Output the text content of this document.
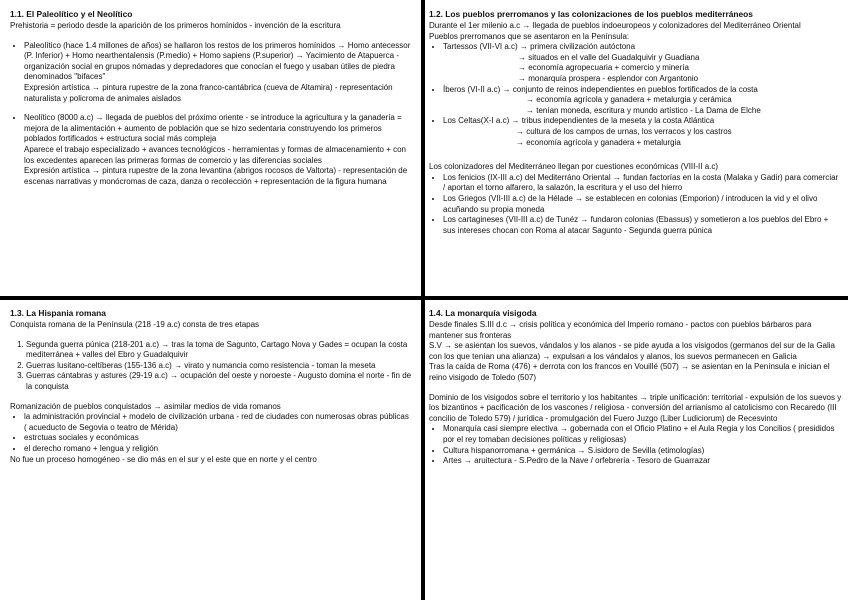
1.1. El Paleolítico y el Neolítico

Prehistoria = periodo desde la aparición de los primeros homínidos - invención de la escritura

• Paleolítico (hace 1.4 millones de años) se hallaron los restos de los primeros homínidos → Homo antecessor (P. Inferior) + Homo nearthentalensis (P.medio) + Homo sapiens (P.superior) → Yacimiento de Atapuerca - organización social en grupos nómadas y depredadores que conocían el fuego y usaban útiles de piedra denominados "bifaces"
Expresión artística → pintura rupestre de la zona franco-cantábrica (cueva de Altamira) - representación naturalista y policroma de animales aislados
• Neolítico (8000 a.c) → llegada de pueblos del próximo oriente - se introduce la agricultura y la ganadería = mejora de la alimentación + aumento de población que se hizo sedentaria construyendo los primeros poblados fortificados + estructura social más compleja
Aparece el trabajo especializado + avances tecnológicos - herramientas y formas de almacenamiento + con los excedentes aparecen las primeras formas de comercio y las diferencias sociales
Expresión artística → pintura rupestre de la zona levantina (abrigos rocosos de Valtorta) - representación de escenas narrativas y monócromas de caza, danza o recolección + representación de la figura humana
1.2. Los pueblos prerromanos y las colonizaciones de los pueblos mediterráneos

Durante el 1er milenio a.c → llegada de pueblos indoeuropeos y colonizadores del Mediterráneo Oriental

Pueblos prerromanos que se asentaron en la Península:

• Tartessos (VII-VI a.c) → primera civilización autóctona
→ situados en el valle del Guadalquivir y Guadiana
→ economía agropecuaria + comercio y minería
→ monarquía prospera - esplendor con Argantonio
• Íberos (VI-II a.c) → conjunto de reinos independientes en pueblos fortificados de la costa
→ economía agrícola y ganadera + metalurgia y cerámica
→ tenían moneda, escritura y mundo artístico - La Dama de Elche
• Los Celtas(X-I a.c) → tribus independientes de la meseta y la costa Atlántica
→ cultura de los campos de urnas, los verracos y los castros
→ economía agrícola y ganadera + metalurgia

Los colonizadores del Mediterráneo llegan por cuestiones económicas (VIII-II a.c)

• Los fenicios (IX-III a.c) del Mediterráno Oriental → fundan factorías en la costa (Malaka y Gadir) para comerciar / aportan el torno alfarero, la salazón, la escritura y el uso del hierro
• Los Griegos (VII-III a.c) de la Hélade → se establecen en colonias (Emporion) / introducen la vid y el olivo acuñando su propia moneda
• Los cartagineses (VII-III a.c) de Tunéz → fundaron colonias (Ebassus) y sometieron a los pueblos del Ebro + sus intereses chocan con Roma al atacar Sagunto - Segunda guerra púnica
1.3. La Hispania romana

Conquista romana de la Península (218 -19 a.c) consta de tres etapas

1. Segunda guerra púnica (218-201 a.c) → tras la toma de Sagunto, Cartago Nova y Gades = ocupan la costa mediterránea + valles del Ebro y Guadalquivir
2. Guerras lusitano-celtíberas (155-136 a.c) → virato y numancia como resistencia - toman la meseta
3. Guerras cántabras y astures (29-19 a.c) → ocupación del oeste y noroeste - Augusto domina el norte - fin de la conquista

Romanización de pueblos conquistados → asimilar medios de vida romanos

• la administración provincial + modelo de civilización urbana - red de ciudades con numerosas obras públicas ( acueducto de Segovia o teatro de Mérida)
• estrctuas sociales y económicas
• el derecho romano + lengua y religión

No fue un proceso homogéneo - se dio más en el sur y el este que en norte y el centro

1.4. La monarquía visigoda

Desde finales S.III d.c → crisis política y económica del Imperio romano - pactos con pueblos bárbaros para mantener sus fronteras

S.V → se asientan los suevos, vándalos y los alanos - se pide ayuda a los visigodos (germanos del sur de la Galia con los que tenían una alianza) → expulsan a los vándalos y alanos, los suevos permanecen en Galicia

Tras la caída de Roma (476) + derrota con los francos en Vouillé (507) → se asientan en la Península e inician el reino visigodo de Toledo (507)

Dominio de los visigodos sobre el territorio y los habitantes → triple unificación: territorial - expulsión de los suevos y los bizantinos + pacificación de los vascones / religiosa - conversión del arrianismo al catolicismo con Recaredo (III concilio de Toledo 579) / jurídica - promulgación del Fuero Juzgo (Liber Ludiciorum) de Recesvinto

• Monarquía casi siempre electiva → gobernada con el Oficio Platino + el Aula Regia y los Concilios ( presididos por el rey tomaban decisiones políticas y religiosas)
• Cultura hispanorromana + germánica → S.isidoro de Sevilla (etimologías)
• Artes → aruitectura - S.Pedro de la Nave / orfebrería - Tesoro de Guarrazar
